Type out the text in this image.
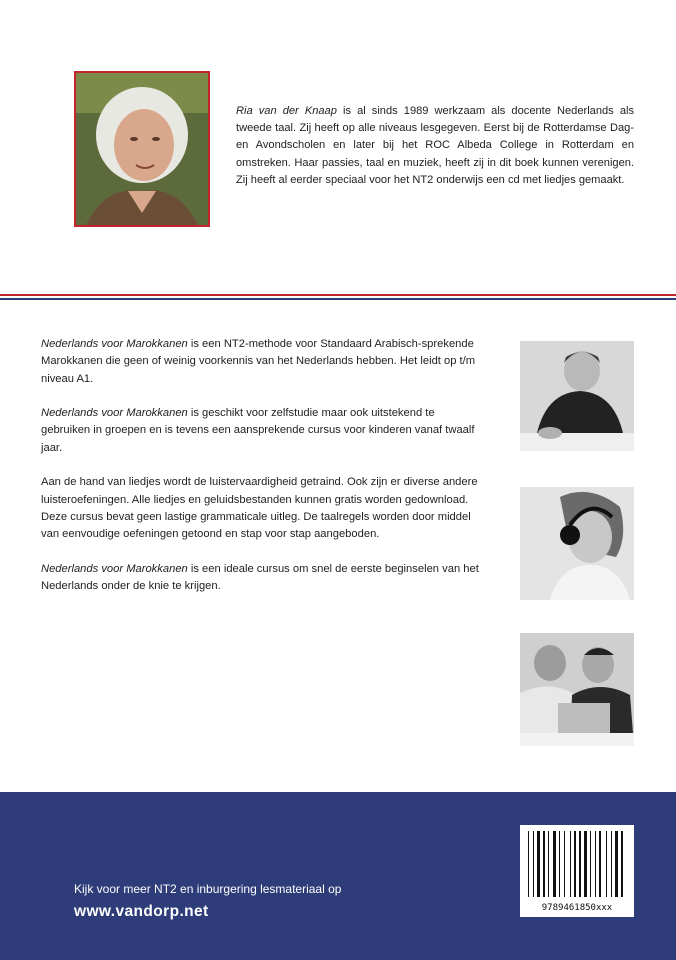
Ria van der Knaap is al sinds 1989 werkzaam als docente Nederlands als tweede taal. Zij heeft op alle niveaus lesgegeven. Eerst bij de Rotterdamse Dag-en Avondscholen en later bij het ROC Albeda College in Rotterdam en omstreken. Haar passies, taal en muziek, heeft zij in dit boek kunnen verenigen. Zij heeft al eerder speciaal voor het NT2 onderwijs een cd met liedjes gemaakt.

Nederlands voor Marokkanen is een NT2-methode voor Standaard Arabisch-sprekende Marokkanen die geen of weinig voorkennis van het Nederlands hebben. Het leidt op t/m niveau A1.

Nederlands voor Marokkanen is geschikt voor zelfstudie maar ook uitstekend te gebruiken in groepen en is tevens een aansprekende cursus voor kinderen vanaf twaalf jaar.

Aan de hand van liedjes wordt de luistervaardigheid getraind. Ook zijn er diverse andere luisteroefeningen. Alle liedjes en geluidsbestanden kunnen gratis worden gedownload. Deze cursus bevat geen lastige grammaticale uitleg. De taalregels worden door middel van eenvoudige oefeningen getoond en stap voor stap aangeboden.

Nederlands voor Marokkanen is een ideale cursus om snel de eerste beginselen van het Nederlands onder de knie te krijgen.

Kijk voor meer NT2 en inburgering lesmateriaal op
www.vandorp.net	9789461850xxx
